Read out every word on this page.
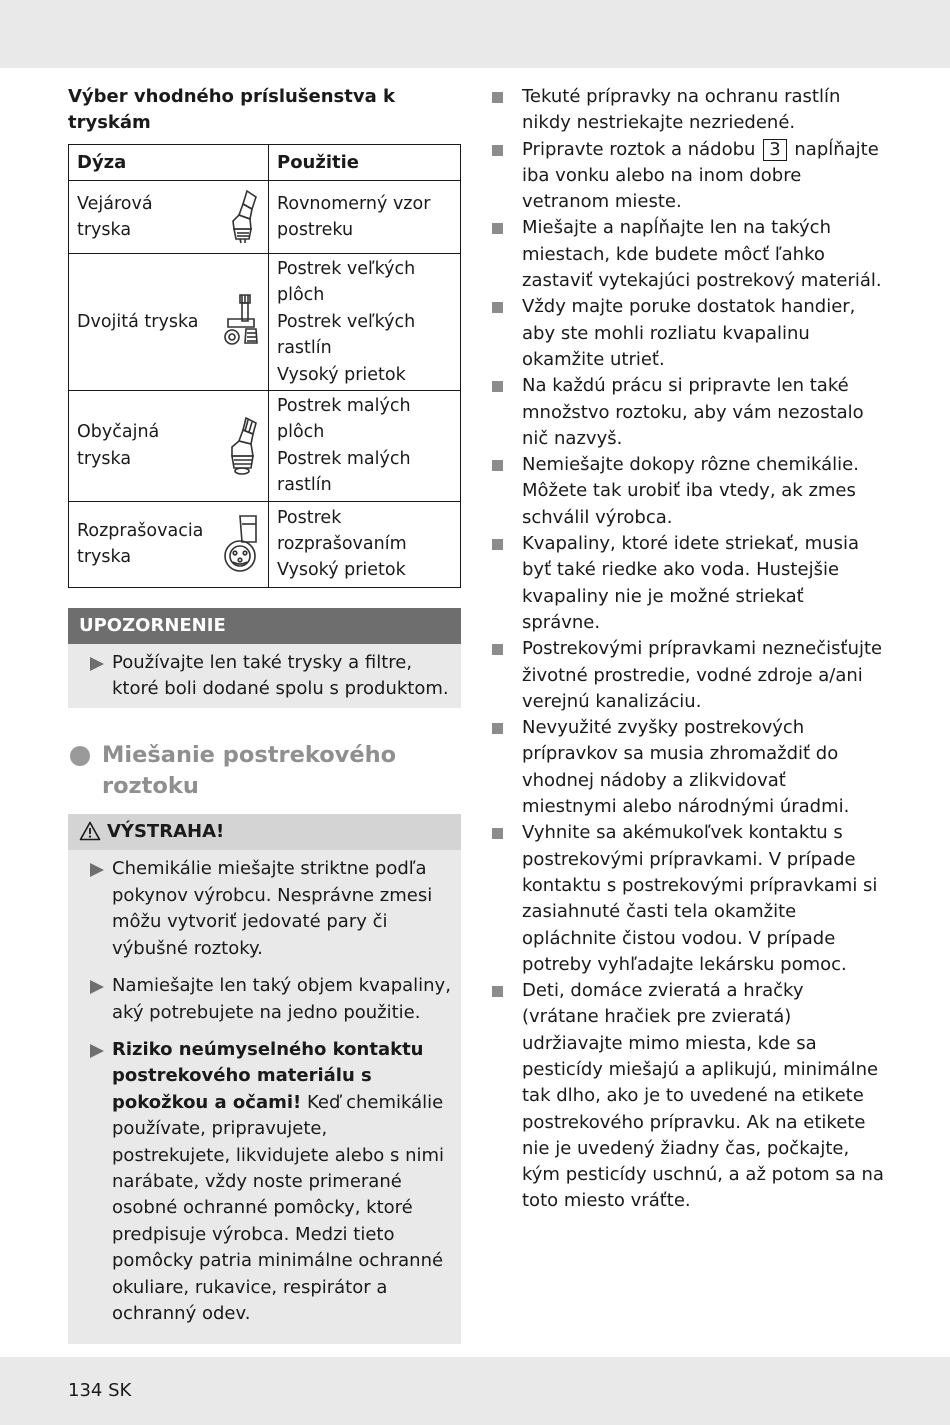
Výber vhodného príslušenstva k tryskám
Dýza	Použitie
Vejárová tryska	Rovnomerný vzor postreku

Dvojitá tryska	Postrek veľkých plôch
Postrek veľkých rastlín
Vysoký prietok

Obyčajná tryska	Postrek malých plôch
Postrek malých rastlín

Rozprašovacia tryska	Postrek rozprašovaním
Vysoký prietok
UPOZORNENIE
Používajte len také trysky a filtre, ktoré boli dodané spolu s produktom.
Miešanie postrekového roztoku
VÝSTRAHA!
Chemikálie miešajte striktne podľa pokynov výrobcu. Nesprávne zmesi môžu vytvoriť jedovaté pary či výbušné roztoky.
Namiešajte len taký objem kvapaliny, aký potrebujete na jedno použitie.
Riziko neúmyselného kontaktu postrekového materiálu s pokožkou a očami! Keď chemikálie používate, pripravujete, postrekujete, likvidujete alebo s nimi narábate, vždy noste primerané osobné ochranné pomôcky, ktoré predpisuje výrobca. Medzi tieto pomôcky patria minimálne ochranné okuliare, rukavice, respirátor a ochranný odev.
Tekuté prípravky na ochranu rastlín nikdy nestriekajte nezriedené.
Pripravte roztok a nádobu 3 napĺňajte iba vonku alebo na inom dobre vetranom mieste.
Miešajte a napĺňajte len na takých miestach, kde budete môcť ľahko zastaviť vytekajúci postrekový materiál.
Vždy majte poruke dostatok handier, aby ste mohli rozliatu kvapalinu okamžite utrieť.
Na každú prácu si pripravte len také množstvo roztoku, aby vám nezostalo nič nazvyš.
Nemiešajte dokopy rôzne chemikálie. Môžete tak urobiť iba vtedy, ak zmes schválil výrobca.
Kvapaliny, ktoré idete striekať, musia byť také riedke ako voda. Hustejšie kvapaliny nie je možné striekať správne.
Postrekovými prípravkami neznečisťujte životné prostredie, vodné zdroje a/ani verejnú kanalizáciu.
Nevyužité zvyšky postrekových prípravkov sa musia zhromaždiť do vhodnej nádoby a zlikvidovať miestnymi alebo národnými úradmi.
Vyhnite sa akémukoľvek kontaktu s postrekovými prípravkami. V prípade kontaktu s postrekovými prípravkami si zasiahnuté časti tela okamžite opláchnite čistou vodou. V prípade potreby vyhľadajte lekársku pomoc.
Deti, domáce zvieratá a hračky (vrátane hračiek pre zvieratá) udržiavajte mimo miesta, kde sa pesticídy miešajú a aplikujú, minimálne tak dlho, ako je to uvedené na etikete postrekového prípravku. Ak na etikete nie je uvedený žiadny čas, počkajte, kým pesticídy uschnú, a až potom sa na toto miesto vráťte.
134 SK
